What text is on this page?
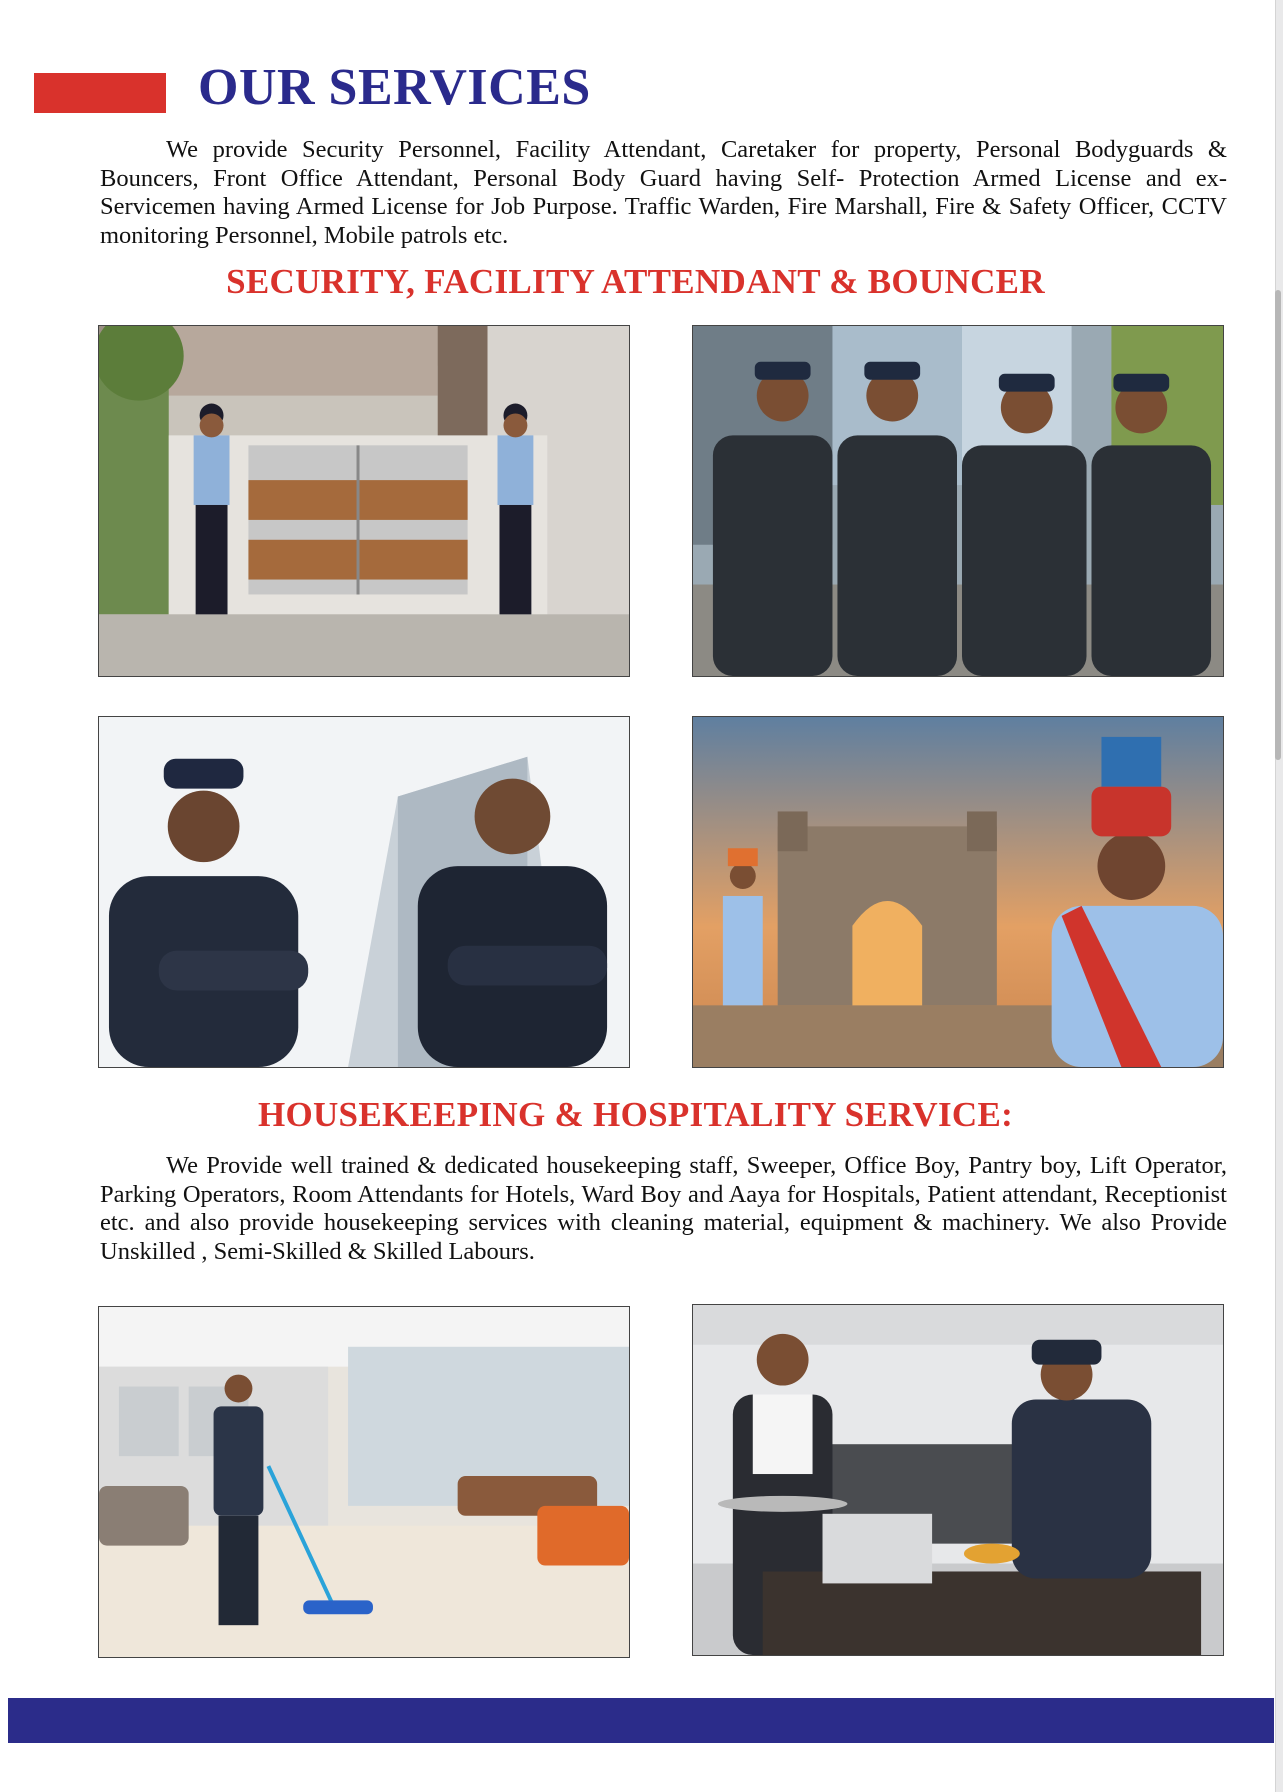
OUR SERVICES
We provide Security Personnel, Facility Attendant, Caretaker for property, Personal Bodyguards & Bouncers, Front Office Attendant, Personal Body Guard having Self- Protection Armed License and ex-Servicemen having Armed License for Job Purpose. Traffic Warden, Fire Marshall, Fire & Safety Officer, CCTV monitoring Personnel, Mobile patrols etc.
SECURITY, FACILITY ATTENDANT & BOUNCER
HOUSEKEEPING & HOSPITALITY SERVICE:
We Provide well trained & dedicated housekeeping staff, Sweeper, Office Boy, Pantry boy, Lift Operator, Parking Operators, Room Attendants for Hotels, Ward Boy and Aaya for Hospitals, Patient attendant, Receptionist etc. and also provide housekeeping services with cleaning material, equipment & machinery. We also Provide Unskilled , Semi-Skilled & Skilled Labours.
